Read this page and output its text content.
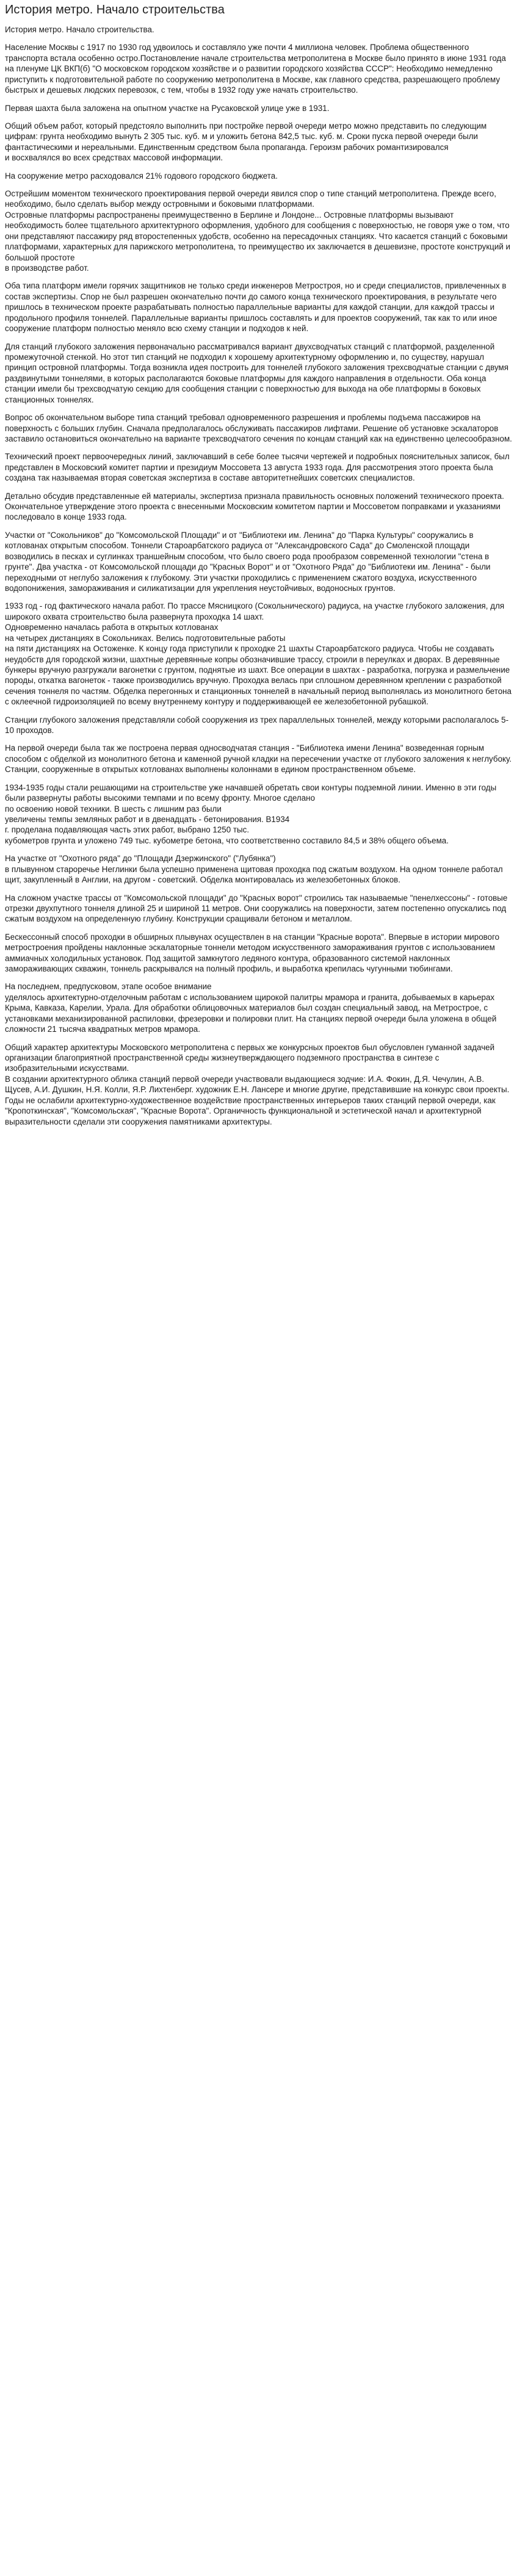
История метро. Начало строительства

История метро. Начало строительства.

Население Москвы с 1917 по 1930 год удвоилось и составляло уже почти 4 миллиона человек. Проблема общественного транспорта встала особенно остро.Постановление начале строительства метрополитена в Москве было принято в июне 1931 года на пленуме ЦК ВКП(б) "О московском городском хозяйстве и о развитии городского хозяйства СССР": Необходимо немедленно приступить к подготовительной работе по сооружению метрополитена в Москве, как главного средства, разрешающего проблему быстрых и дешевых людских перевозок, с тем, чтобы в 1932 году уже начать строительство.

Первая шахта была заложена на опытном участке на Русаковской улице уже в 1931.

Общий объем работ, который предстояло выполнить при постройке первой очереди метро можно представить по следующим цифрам: грунта необходимо вынуть 2 305 тыс. куб. м и уложить бетона 842,5 тыс. куб. м. Сроки пуска первой очереди были фантастическими и нереальными. Единственным средством была пропаганда. Героизм рабочих романтизировался
и восхвалялся во всех средствах массовой информации.

На сооружение метро расходовался 21% годового городского бюджета.

Острейшим моментом технического проектирования первой очереди явился спор о типе станций метрополитена. Прежде всего, необходимо, было сделать выбор между островными и боковыми платформами.
Островные платформы распространены преимущественно в Берлине и Лондоне... Островные платформы вызывают необходимость более тщательного архитектурного оформления, удобного для сообщения с поверхностью, не говоря уже о том, что они представляют пассажиру ряд второстепенных удобств, особенно на пересадочных станциях. Что касается станций с боковыми платформами, характерных для парижского метрополитена, то преимущество их заключается в дешевизне, простоте конструкций и большой простоте
в производстве работ.

Оба типа платформ имели горячих защитников не только среди инженеров Метростроя, но и среди специалистов, привлеченных в состав экспертизы. Спор не был разрешен окончательно почти до самого конца технического проектирования, в результате чего пришлось в техническом проекте разрабатывать полностью параллельные варианты для каждой станции, для каждой трассы и продольного профиля тоннелей. Параллельные варианты пришлось составлять и для проектов сооружений, так как то или иное сооружение платформ полностью меняло всю схему станции и подходов к ней.

Для станций глубокого заложения первоначально рассматривался вариант двухсводчатых станций с платформой, разделенной промежуточной стенкой. Но этот тип станций не подходил к хорошему архитектурному оформлению и, по существу, нарушал принцип островной платформы. Тогда возникла идея построить для тоннелей глубокого заложения трехсводчатые станции с двумя раздвинутыми тоннелями, в которых располагаются боковые платформы для каждого направления в отдельности. Оба конца станции имели бы трехсводчатую секцию для сообщения станции с поверхностью для выхода на обе платформы в боковых станционных тоннелях.

Вопрос об окончательном выборе типа станций требовал одновременного разрешения и проблемы подъема пассажиров на поверхность с больших глубин. Сначала предполагалось обслуживать пассажиров лифтами. Решение об установке эскалаторов заставило остановиться окончательно на варианте трехсводчатого сечения по концам станций как на единственно целесообразном.

Технический проект первоочередных линий, заключавший в себе более тысячи чертежей и подробных пояснительных записок, был представлен в Московский комитет партии и президиум Моссовета 13 августа 1933 года. Для рассмотрения этого проекта была создана так называемая вторая советская экспертиза в составе авторитетнейших советских специалистов.

Детально обсудив представленные ей материалы, экспертиза признала правильность основных положений технического проекта.
Окончательное утверждение этого проекта с внесенными Московским комитетом партии и Моссоветом поправками и указаниями последовало в конце 1933 года.

Участки от "Сокольников" до "Комсомольской Площади" и от "Библиотеки им. Ленина" до "Парка Культуры" сооружались в котлованах открытым способом. Тоннели Староарбатского радиуса от "Александровского Сада" до Смоленской площади возводились в песках и суглинках траншейным способом, что было своего рода прообразом современной технологии "стена в грунте". Два участка - от Комсомольской площади до "Красных Ворот" и от "Охотного Ряда" до "Библиотеки им. Ленина" - были переходными от неглубо заложения к глубокому. Эти участки проходились с применением сжатого воздуха, искусственного водопонижения, замораживания и силикатизации для укрепления неустойчивых, водоносных грунтов.

1933 год - год фактического начала работ. По трассе Мясницкого (Сокольнического) радиуса, на участке глубокого заложения, для широкого охвата строительство была развернута проходка 14 шахт.
Одновременно началась работа в открытых котлованах
на четырех дистанциях в Сокольниках. Велись подготовительные работы
на пяти дистанциях на Остоженке. К концу года приступили к проходке 21 шахты Староарбатского радиуса. Чтобы не создавать неудобств для городской жизни, шахтные деревянные копры обозначившие трассу, строили в переулках и дворах. В деревянные бункеры вручную разгружали вагонетки с грунтом, поднятые из шахт. Все операции в шахтах - разработка, погрузка и размельчение породы, откатка вагонеток - также производились вручную. Проходка велась при сплошном деревянном креплении с разработкой сечения тоннеля по частям. Обделка перегонных и станционных тоннелей в начальный период выполнялась из монолитного бетона с оклеечной гидроизоляцией по всему внутреннему контуру и поддерживающей ее железобетонной рубашкой.

Станции глубокого заложения представляли собой сооружения из трех параллельных тоннелей, между которыми располагалось 5-10 проходов.

На первой очереди была так же построена первая односводчатая станция - "Библиотека имени Ленина" возведенная горным способом с обделкой из монолитного бетона и каменной ручной кладки на пересечении участке от глубокого заложения к неглубоку. Станции, сооруженные в открытых котлованах выполнены колоннами в едином пространственном объеме.

1934-1935 годы стали решающими на строительстве уже начавшей обретать свои контуры подземной линии. Именно в эти годы были развернуты работы высокими темпами и по всему фронту. Многое сделано
по освоению новой техники. В шесть с лишним раз были
увеличены темпы земляных работ и в двенадцать - бетонирования. В1934
г. проделана подавляющая часть этих работ, выбрано 1250 тыс.
кубометров грунта и уложено 749 тыс. кубометре бетона, что соответственно составило 84,5 и 38% общего объема.

На участке от "Охотного ряда" до "Площади Дзержинского" ("Лубянка")
в плывунном староречье Неглинки была успешно применена щитовая проходка под сжатым воздухом. На одном тоннеле работал щит, закупленный в Англии, на другом - советский. Обделка монтировалась из железобетонных блоков.

На сложном участке трассы от "Комсомольской площади" до "Красных ворот" строились так называемые "пенелхессоны" - готовые отрезки двухпутного тоннеля длиной 25 и шириной 11 метров. Они сооружались на поверхности, затем постепенно опускались под сжатым воздухом на определенную глубину. Конструкции сращивали бетоном и металлом.

Бескессонный способ проходки в обширных плывунах осуществлен в на станции "Красные ворота". Впервые в истории мирового метростроения пройдены наклонные эскалаторные тоннели методом искусственного замораживания грунтов с использованием аммиачных холодильных установок. Под защитой замкнутого ледяного контура, образованного системой наклонных замораживающих скважин, тоннель раскрывался на полный профиль, и выработка крепилась чугунными тюбингами.

На последнем, предпусковом, этапе особое внимание
уделялось архитектурно-отделочным работам с использованием щирокой палитры мрамора и гранита, добываемых в карьерах Крыма, Кавказа, Карелии, Урала. Для обработки облицовочных материалов был создан специальный завод, на Метрострое, с установками механизированной распиловки, фрезеровки и полировки плит. На станциях первой очереди была уложена в общей сложности 21 тысяча квадратных метров мрамора.

Общий характер архитектуры Московского метрополитена с первых же конкурсных проектов был обусловлен гуманной задачей
организации благоприятной пространственной среды жизнеутверждающего подземного пространства в синтезе с изобразительными искусствами.
В создании архитектурного облика станций первой очереди участвовали выдающиеся зодчие: И.А. Фокин, Д.Я. Чечулин, А.В. Щусев, А.И. Душкин, Н.Я. Колли, Я.Р. Лихтенберг. художник Е.Н. Лансере и многие другие, представившие на конкурс свои проекты. Годы не ослабили архитектурно-художественное воздействие пространственных интерьеров таких станций первой очереди, как "Кропоткинская", "Комсомольская", "Красные Ворота". Органичность функциональной и эстетической начал и архитектурной выразительности сделали эти сооружения памятниками архитектуры.
